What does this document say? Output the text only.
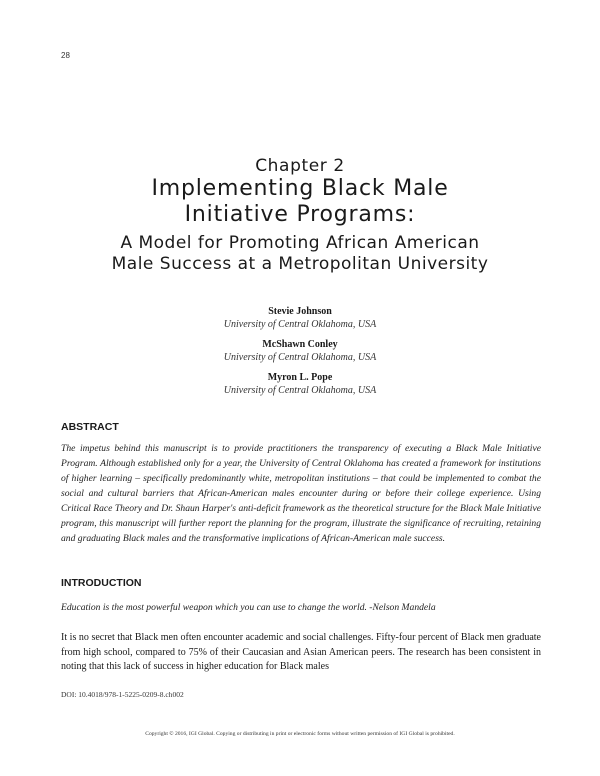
28
Chapter 2
Implementing Black Male
Initiative Programs:
A Model for Promoting African American
Male Success at a Metropolitan University
Stevie Johnson
University of Central Oklahoma, USA
McShawn Conley
University of Central Oklahoma, USA
Myron L. Pope
University of Central Oklahoma, USA
ABSTRACT
The impetus behind this manuscript is to provide practitioners the transparency of executing a Black Male Initiative Program. Although established only for a year, the University of Central Oklahoma has created a framework for institutions of higher learning – specifically predominantly white, metropolitan institutions – that could be implemented to combat the social and cultural barriers that African-American males encounter during or before their college experience. Using Critical Race Theory and Dr. Shaun Harper's anti-deficit framework as the theoretical structure for the Black Male Initiative program, this manuscript will further report the planning for the program, illustrate the significance of recruiting, retaining and graduating Black males and the transformative implications of African-American male success.
INTRODUCTION
Education is the most powerful weapon which you can use to change the world. -Nelson Mandela
It is no secret that Black men often encounter academic and social challenges. Fifty-four percent of Black men graduate from high school, compared to 75% of their Caucasian and Asian American peers. The research has been consistent in noting that this lack of success in higher education for Black males
DOI: 10.4018/978-1-5225-0209-8.ch002
Copyright © 2016, IGI Global. Copying or distributing in print or electronic forms without written permission of IGI Global is prohibited.
